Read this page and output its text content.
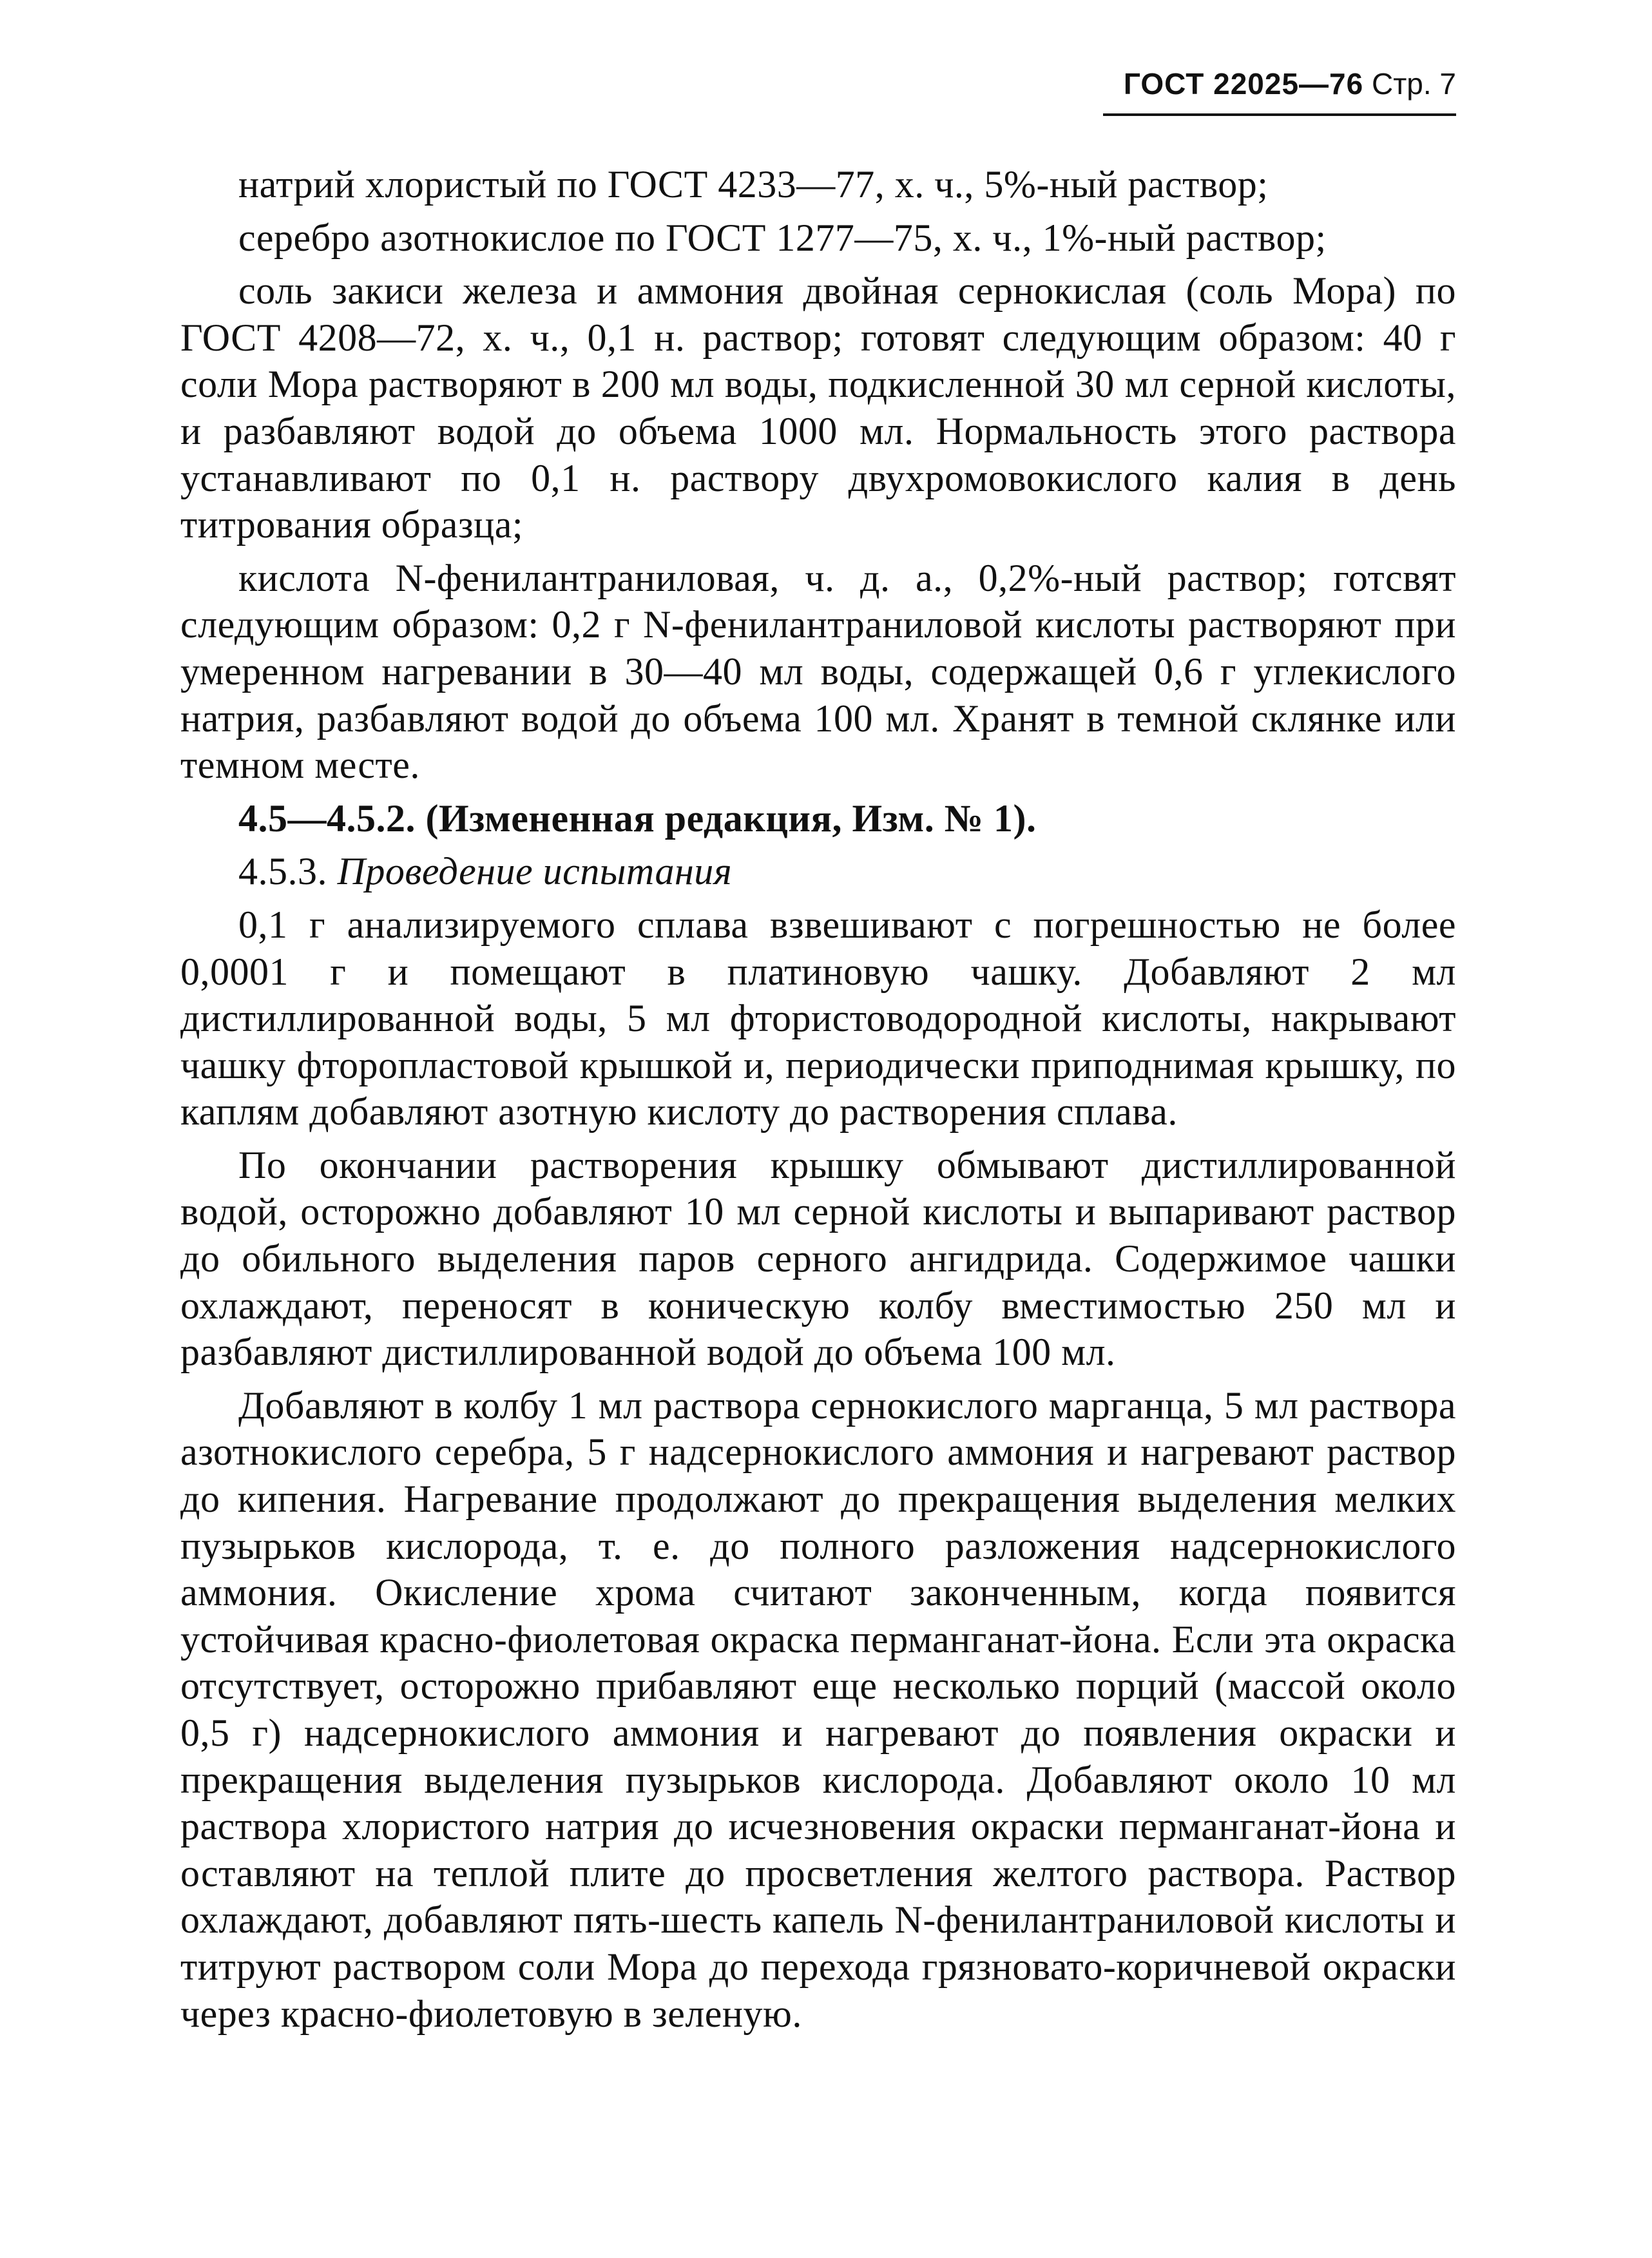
ГОСТ 22025—76 Стр. 7

натрий хлористый по ГОСТ 4233—77, х. ч., 5%-ный раствор;

серебро азотнокислое по ГОСТ 1277—75, х. ч., 1%-ный раствор;

соль закиси железа и аммония двойная сернокислая (соль Мора) по ГОСТ 4208—72, х. ч., 0,1 н. раствор; готовят следующим образом: 40 г соли Мора растворяют в 200 мл воды, подкисленной 30 мл серной кислоты, и разбавляют водой до объема 1000 мл. Нормальность этого раствора устанавливают по 0,1 н. раствору двухромовокислого калия в день титрования образца;

кислота N-фенилантраниловая, ч. д. а., 0,2%-ный раствор; готсвят следующим образом: 0,2 г N-фенилантраниловой кислоты растворяют при умеренном нагревании в 30—40 мл воды, содержащей 0,6 г углекислого натрия, разбавляют водой до объема 100 мл. Хранят в темной склянке или темном месте.

4.5—4.5.2. (Измененная редакция, Изм. № 1).

4.5.3. Проведение испытания

0,1 г анализируемого сплава взвешивают с погрешностью не более 0,0001 г и помещают в платиновую чашку. Добавляют 2 мл дистиллированной воды, 5 мл фтористоводородной кислоты, накрывают чашку фторопластовой крышкой и, периодически приподнимая крышку, по каплям добавляют азотную кислоту до растворения сплава.

По окончании растворения крышку обмывают дистиллированной водой, осторожно добавляют 10 мл серной кислоты и выпаривают раствор до обильного выделения паров серного ангидрида. Содержимое чашки охлаждают, переносят в коническую колбу вместимостью 250 мл и разбавляют дистиллированной водой до объема 100 мл.

Добавляют в колбу 1 мл раствора сернокислого марганца, 5 мл раствора азотнокислого серебра, 5 г надсернокислого аммония и нагревают раствор до кипения. Нагревание продолжают до прекращения выделения мелких пузырьков кислорода, т. е. до полного разложения надсернокислого аммония. Окисление хрома считают законченным, когда появится устойчивая красно-фиолетовая окраска перманганат-йона. Если эта окраска отсутствует, осторожно прибавляют еще несколько порций (массой около 0,5 г) надсернокислого аммония и нагревают до появления окраски и прекращения выделения пузырьков кислорода. Добавляют около 10 мл раствора хлористого натрия до исчезновения окраски перманганат-йона и оставляют на теплой плите до просветления желтого раствора. Раствор охлаждают, добавляют пять-шесть капель N-фенилантраниловой кислоты и титруют раствором соли Мора до перехода грязновато-коричневой окраски через красно-фиолетовую в зеленую.
